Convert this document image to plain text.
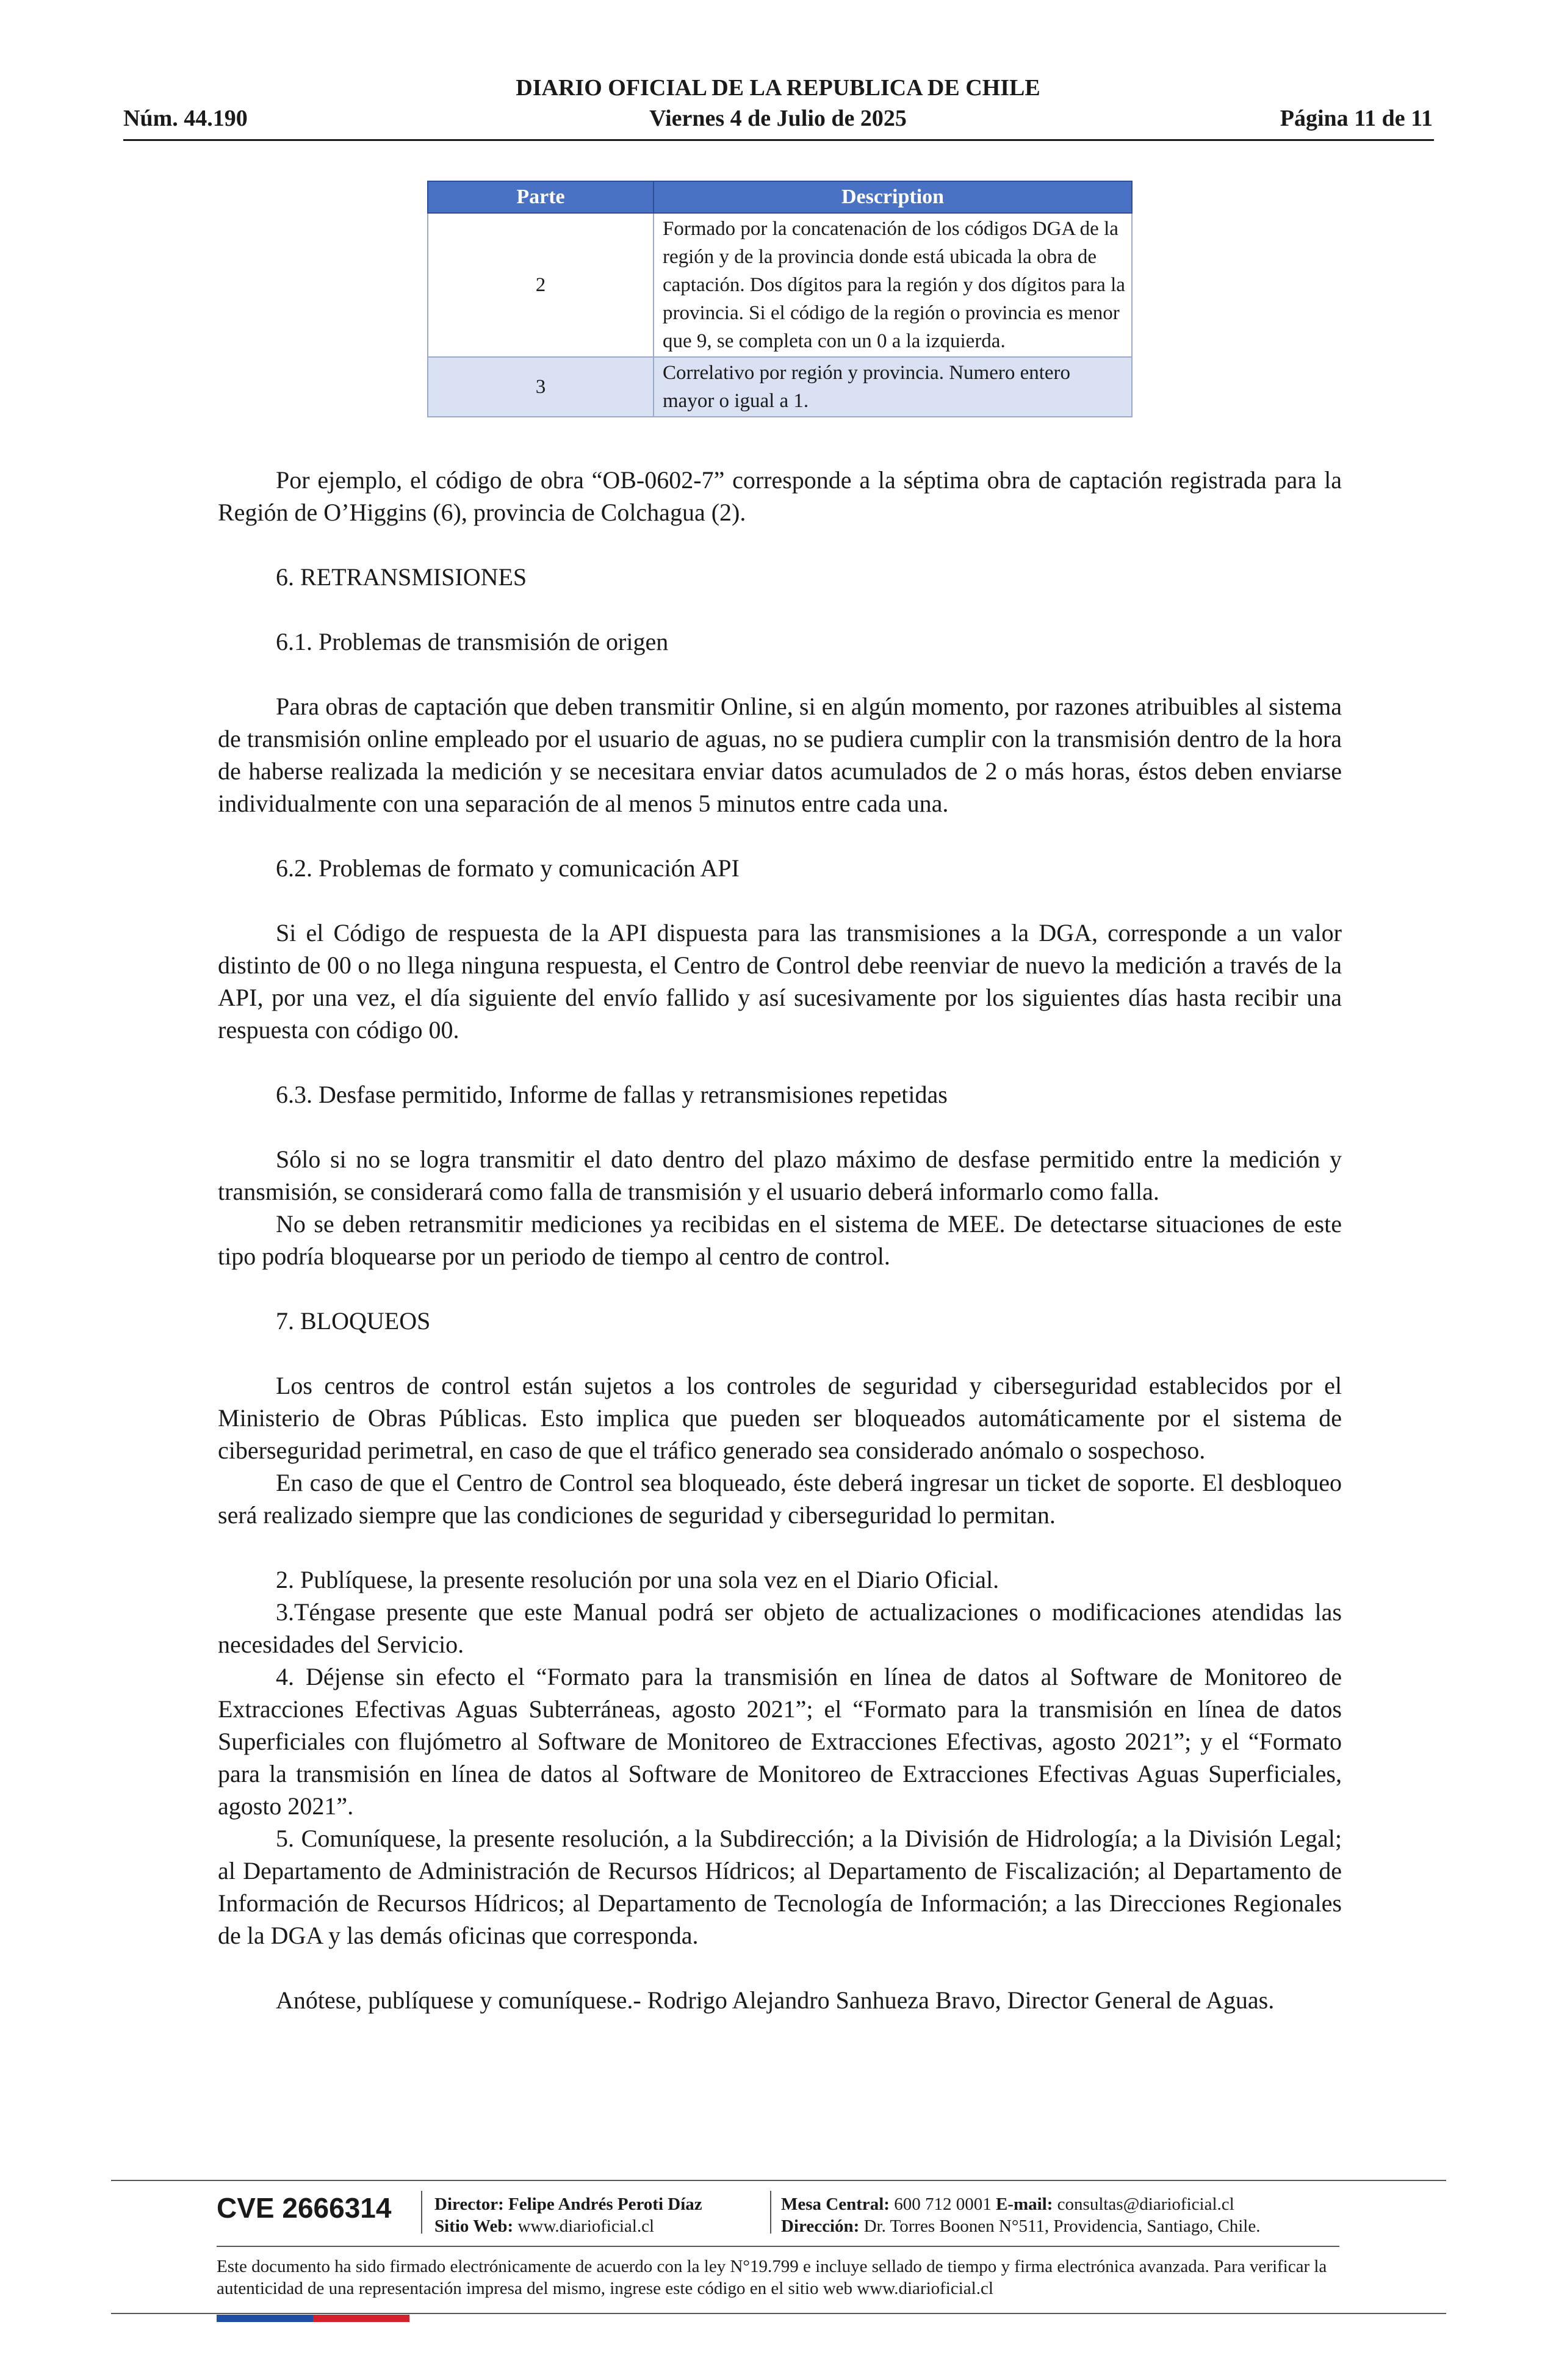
DIARIO OFICIAL DE LA REPUBLICA DE CHILE
Núm. 44.190	Viernes 4 de Julio de 2025	Página 11 de 11
Parte	Description
2	Formado por la concatenación de los códigos DGA de la región y de la provincia donde está ubicada la obra de captación. Dos dígitos para la región y dos dígitos para la provincia. Si el código de la región o provincia es menor que 9, se completa con un 0 a la izquierda.
3	Correlativo por región y provincia. Numero entero mayor o igual a 1.

Por ejemplo, el código de obra “OB-0602-7” corresponde a la séptima obra de captación registrada para la Región de O’Higgins (6), provincia de Colchagua (2).

6. RETRANSMISIONES

6.1. Problemas de transmisión de origen

Para obras de captación que deben transmitir Online, si en algún momento, por razones atribuibles al sistema de transmisión online empleado por el usuario de aguas, no se pudiera cumplir con la transmisión dentro de la hora de haberse realizada la medición y se necesitara enviar datos acumulados de 2 o más horas, éstos deben enviarse individualmente con una separación de al menos 5 minutos entre cada una.

6.2. Problemas de formato y comunicación API

Si el Código de respuesta de la API dispuesta para las transmisiones a la DGA, corresponde a un valor distinto de 00 o no llega ninguna respuesta, el Centro de Control debe reenviar de nuevo la medición a través de la API, por una vez, el día siguiente del envío fallido y así sucesivamente por los siguientes días hasta recibir una respuesta con código 00.

6.3. Desfase permitido, Informe de fallas y retransmisiones repetidas

Sólo si no se logra transmitir el dato dentro del plazo máximo de desfase permitido entre la medición y transmisión, se considerará como falla de transmisión y el usuario deberá informarlo como falla.

No se deben retransmitir mediciones ya recibidas en el sistema de MEE. De detectarse situaciones de este tipo podría bloquearse por un periodo de tiempo al centro de control.

7. BLOQUEOS

Los centros de control están sujetos a los controles de seguridad y ciberseguridad establecidos por el Ministerio de Obras Públicas. Esto implica que pueden ser bloqueados automáticamente por el sistema de ciberseguridad perimetral, en caso de que el tráfico generado sea considerado anómalo o sospechoso.

En caso de que el Centro de Control sea bloqueado, éste deberá ingresar un ticket de soporte. El desbloqueo será realizado siempre que las condiciones de seguridad y ciberseguridad lo permitan.

2. Publíquese, la presente resolución por una sola vez en el Diario Oficial.

3.Téngase presente que este Manual podrá ser objeto de actualizaciones o modificaciones atendidas las necesidades del Servicio.

4. Déjense sin efecto el “Formato para la transmisión en línea de datos al Software de Monitoreo de Extracciones Efectivas Aguas Subterráneas, agosto 2021”; el “Formato para la transmisión en línea de datos Superficiales con flujómetro al Software de Monitoreo de Extracciones Efectivas, agosto 2021”; y el “Formato para la transmisión en línea de datos al Software de Monitoreo de Extracciones Efectivas Aguas Superficiales, agosto 2021”.

5. Comuníquese, la presente resolución, a la Subdirección; a la División de Hidrología; a la División Legal; al Departamento de Administración de Recursos Hídricos; al Departamento de Fiscalización; al Departamento de Información de Recursos Hídricos; al Departamento de Tecnología de Información; a las Direcciones Regionales de la DGA y las demás oficinas que corresponda.

Anótese, publíquese y comuníquese.- Rodrigo Alejandro Sanhueza Bravo, Director General de Aguas.

CVE 2666314 Director: Felipe Andrés Peroti Díaz
Sitio Web: www.diarioficial.cl
Mesa Central: 600 712 0001 E-mail: consultas@diarioficial.cl
Dirección: Dr. Torres Boonen N°511, Providencia, Santiago, Chile.
Este documento ha sido firmado electrónicamente de acuerdo con la ley N°19.799 e incluye sellado de tiempo y firma electrónica avanzada. Para verificar la autenticidad de una representación impresa del mismo, ingrese este código en el sitio web www.diarioficial.cl
